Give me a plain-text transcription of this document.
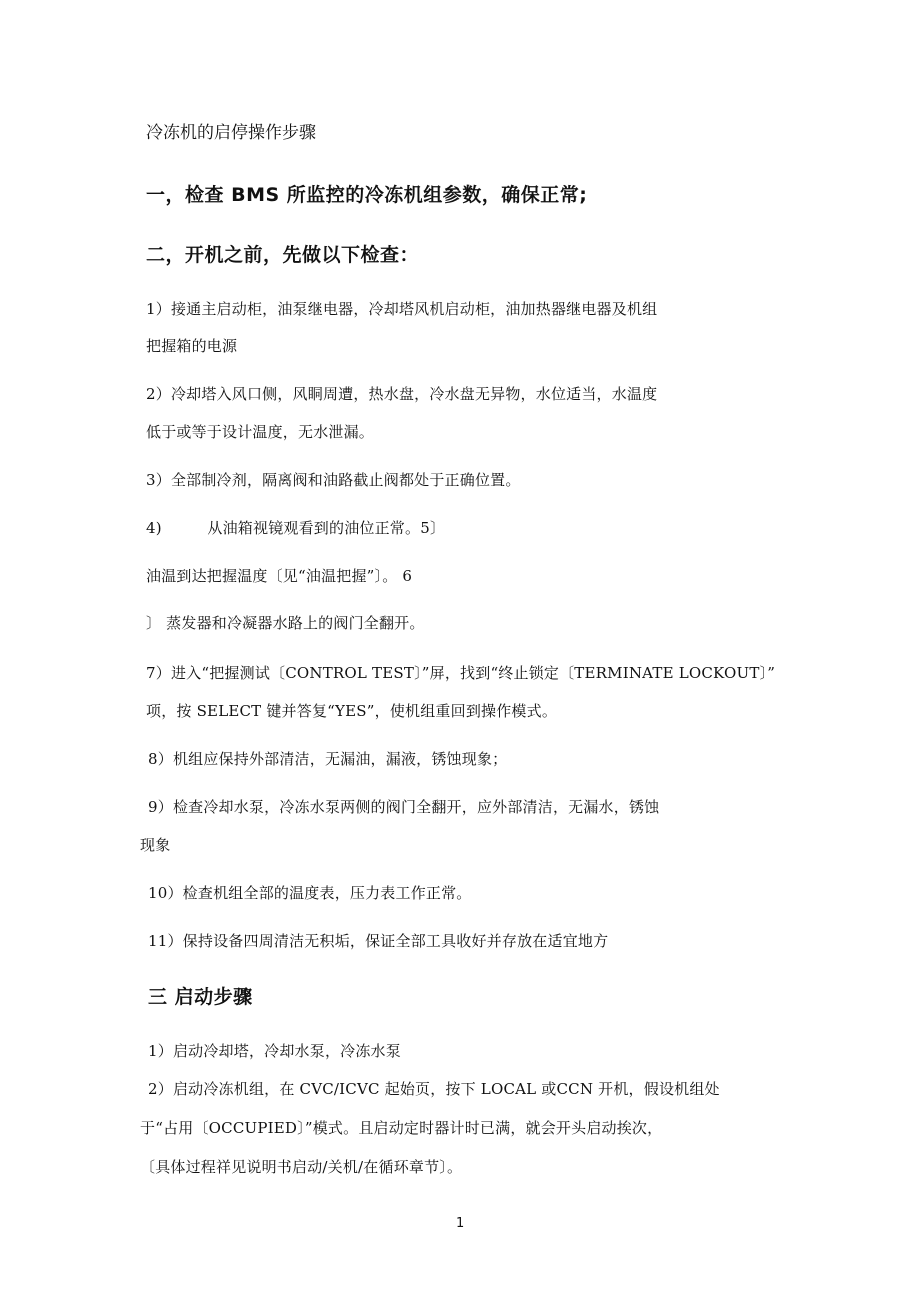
冷冻机的启停操作步骤
一，检查 BMS 所监控的冷冻机组参数，确保正常;
二，开机之前，先做以下检查：
1）接通主启动柜，油泵继电器，冷却塔风机启动柜，油加热器继电器及机组
把握箱的电源
2）冷却塔入风口侧，风眮周遭，热水盘，冷水盘无异物，水位适当，水温度
低于或等于设计温度，无水泄漏。
3）全部制冷剂，隔离阀和油路截止阀都处于正确位置。
4)　　　从油箱视镜观看到的油位正常。5〕
油温到达把握温度〔见“油温把握”〕。 6
〕 蒸发器和冷凝器水路上的阀门全翻开。
7）进入“把握测试〔CONTROL TEST〕”屏，找到“终止锁定〔TERMINATE LOCKOUT〕”
项，按 SELECT 键并答复“YES”，使机组重回到操作模式。
8）机组应保持外部清洁，无漏油，漏液，锈蚀现象；
9）检查冷却水泵，冷冻水泵两侧的阀门全翻开，应外部清洁，无漏水，锈蚀
现象
10）检查机组全部的温度表，压力表工作正常。
11）保持设备四周清洁无积垢，保证全部工具收好并存放在适宜地方
三 启动步骤
1）启动冷却塔，冷却水泵，冷冻水泵
2）启动冷冻机组，在 CVC/ICVC 起始页，按下 LOCAL 或CCN 开机，假设机组处
于“占用〔OCCUPIED〕”模式。且启动定时器计时已满，就会开头启动挨次，
〔具体过程祥见说明书启动/关机/在循环章节〕。
1
